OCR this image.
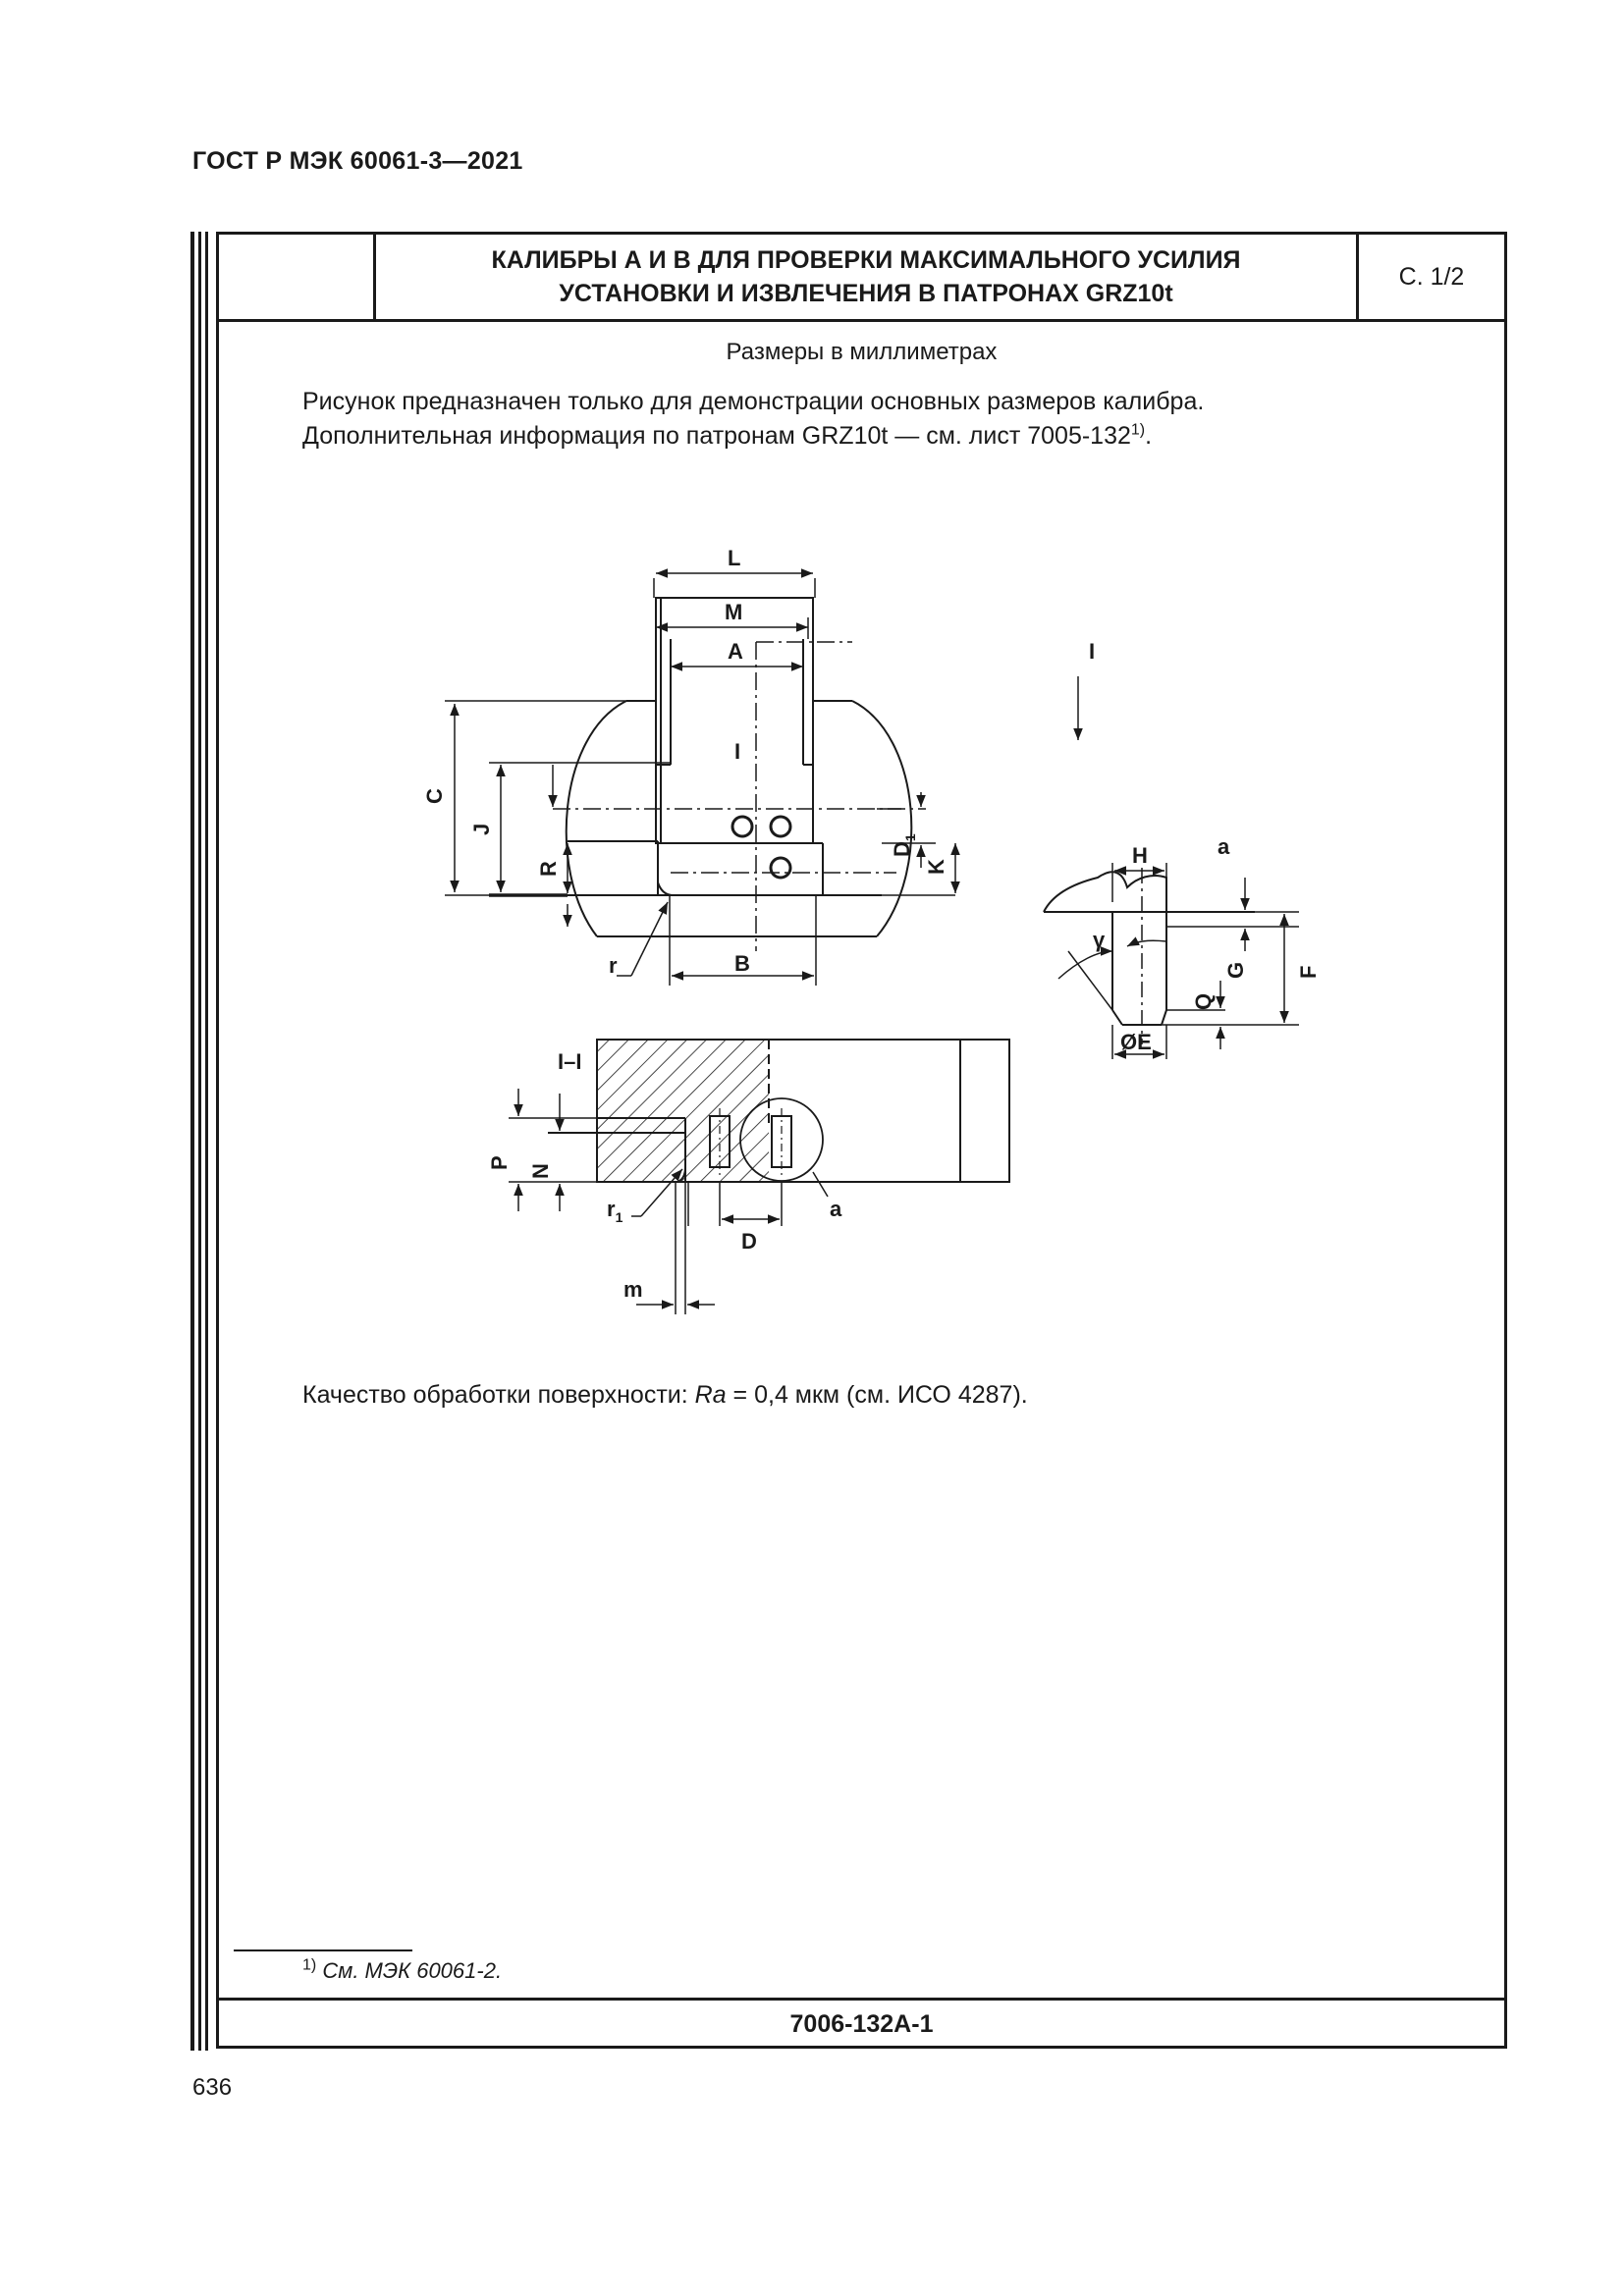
ГОСТ Р МЭК 60061-3—2021
КАЛИБРЫ А И В ДЛЯ ПРОВЕРКИ МАКСИМАЛЬНОГО УСИЛИЯ
УСТАНОВКИ И ИЗВЛЕЧЕНИЯ В ПАТРОНАХ GRZ10t
С. 1/2
Размеры в миллиметрах
Рисунок предназначен только для демонстрации основных размеров калибра.
Дополнительная информация по патронам GRZ10t — см. лист 7005-132$^{1)}$.
L
M
A	I
I
C
J
R
$D_1$
K
B
r
H	a
G F
γ
Q
ØE
I–I
P
N
$r_1$
D
a
m
Качество обработки поверхности: Ra = 0,4 мкм (см. ИСО 4287).
$^{1)}$ См. МЭК 60061-2.
7006-132А-1
636
